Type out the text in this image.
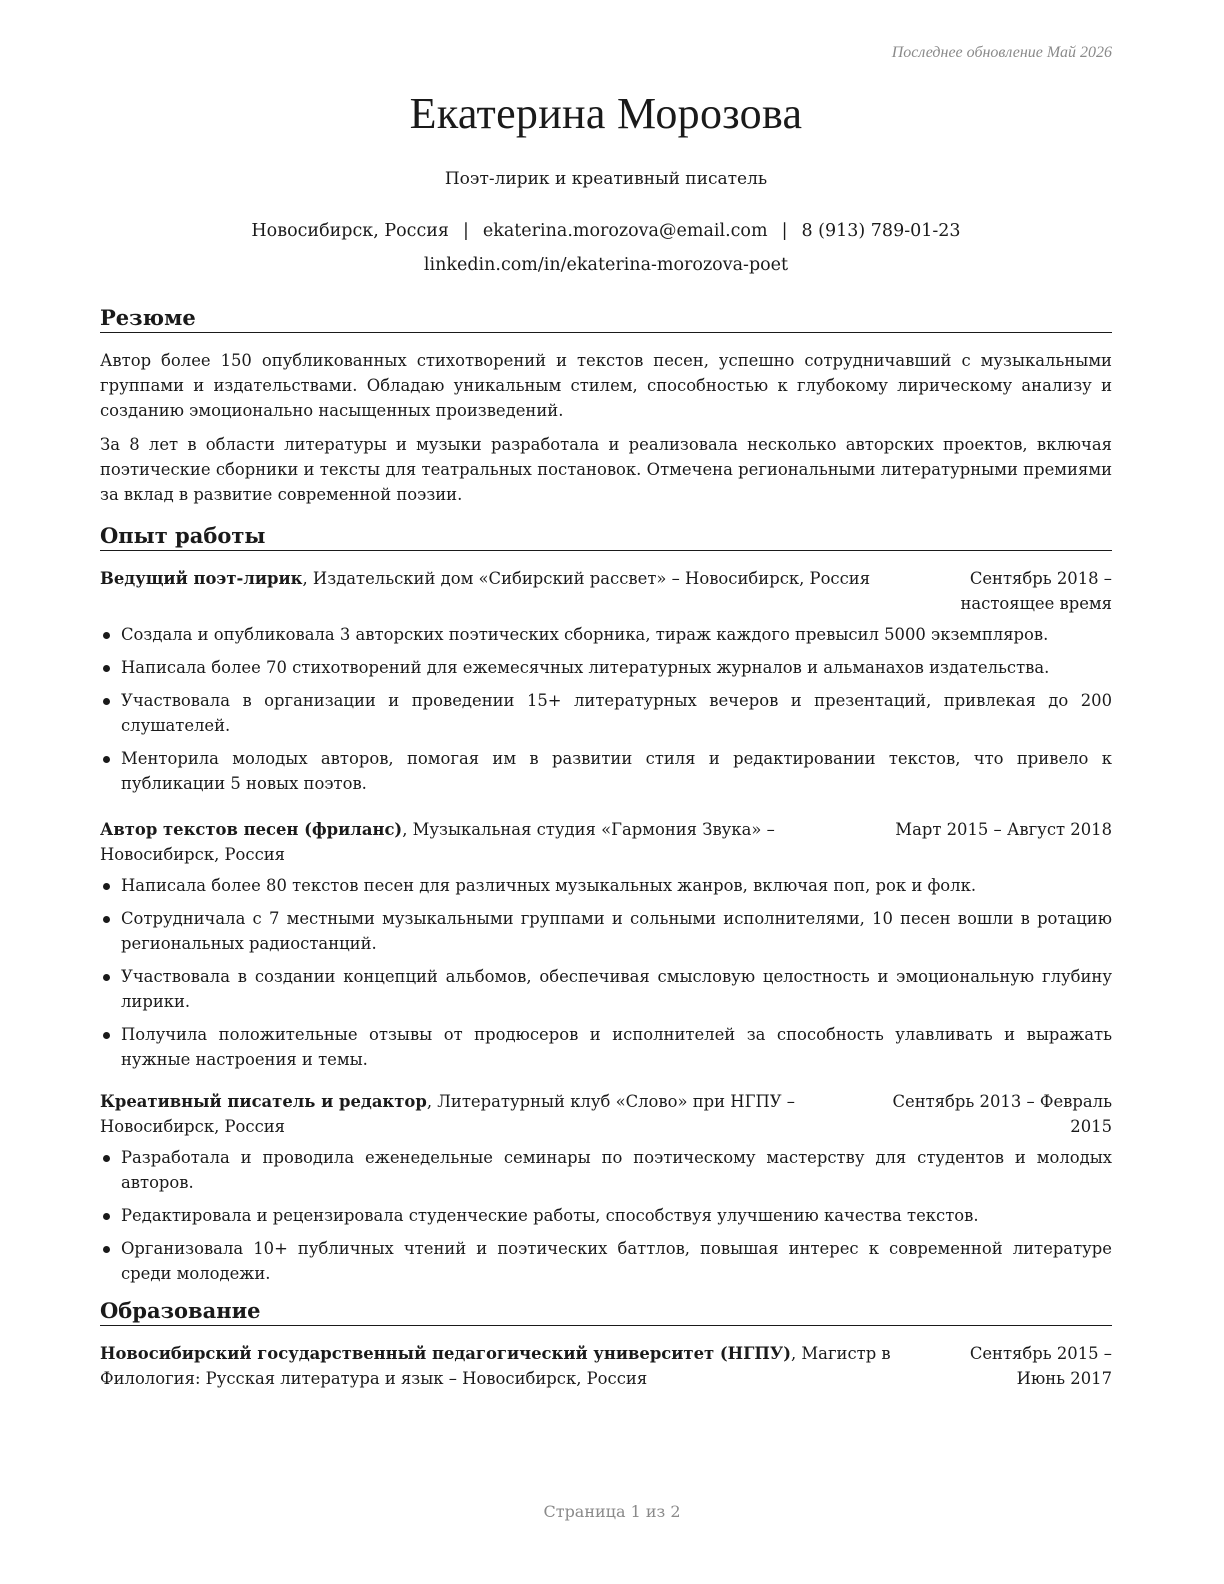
Последнее обновление Май 2026
Екатерина Морозова
Поэт-лирик и креативный писатель
Новосибирск, Россия | ekaterina.morozova@email.com | 8 (913) 789-01-23
linkedin.com/in/ekaterina-morozova-poet
Резюме

Автор более 150 опубликованных стихотворений и текстов песен, успешно сотрудничавший с музыкальными группами и издательствами. Обладаю уникальным стилем, способностью к глубокому лирическому анализу и созданию эмоционально насыщенных произведений.

За 8 лет в области литературы и музыки разработала и реализовала несколько авторских проектов, включая поэтические сборники и тексты для театральных постановок. Отмечена региональными литературными премиями за вклад в развитие современной поэзии.

Опыт работы
Ведущий поэт-лирик, Издательский дом «Сибирский рассвет» – Новосибирск, Россия	Сентябрь 2018 – настоящее время
Создала и опубликовала 3 авторских поэтических сборника, тираж каждого превысил 5000 экземпляров.
Написала более 70 стихотворений для ежемесячных литературных журналов и альманахов издательства.
Участвовала в организации и проведении 15+ литературных вечеров и презентаций, привлекая до 200 слушателей.
Менторила молодых авторов, помогая им в развитии стиля и редактировании текстов, что привело к публикации 5 новых поэтов.
Автор текстов песен (фриланс), Музыкальная студия «Гармония Звука» – Новосибирск, Россия
Март 2015 – Август 2018
Написала более 80 текстов песен для различных музыкальных жанров, включая поп, рок и фолк.
Сотрудничала с 7 местными музыкальными группами и сольными исполнителями, 10 песен вошли в ротацию региональных радиостанций.
Участвовала в создании концепций альбомов, обеспечивая смысловую целостность и эмоциональную глубину лирики.
Получила положительные отзывы от продюсеров и исполнителей за способность улавливать и выражать нужные настроения и темы.
Креативный писатель и редактор, Литературный клуб «Слово» при НГПУ – Новосибирск, Россия
Сентябрь 2013 – Февраль 2015
Разработала и проводила еженедельные семинары по поэтическому мастерству для студентов и молодых авторов.
Редактировала и рецензировала студенческие работы, способствуя улучшению качества текстов.
Организовала 10+ публичных чтений и поэтических баттлов, повышая интерес к современной литературе среди молодежи.
Образование
Новосибирский государственный педагогический университет (НГПУ), Магистр в Филология: Русская литература и язык – Новосибирск, Россия
Сентябрь 2015 – Июнь 2017
Страница 1 из 2
